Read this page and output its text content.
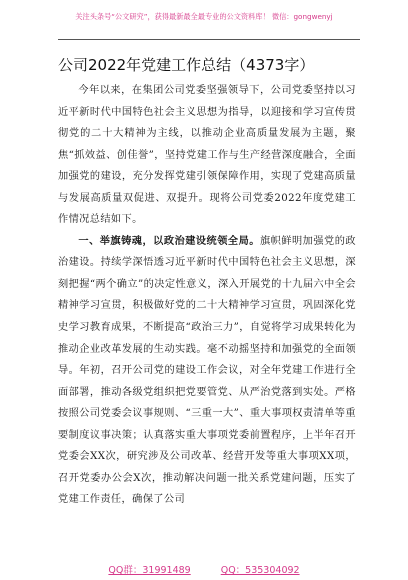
关注头条号“公文研究”，获得最新最全最专业的公文资料库！ 微信：gongwenyj
公司2022年党建工作总结（4373字）

今年以来，在集团公司党委坚强领导下，公司党委坚持以习近平新时代中国特色社会主义思想为指导，以迎接和学习宣传贯彻党的二十大精神为主线，以推动企业高质量发展为主题，聚焦“抓效益、创佳誉”，坚持党建工作与生产经营深度融合，全面加强党的建设，充分发挥党建引领保障作用，实现了党建高质量与发展高质量双促进、双提升。现将公司党委2022年度党建工作情况总结如下。

一、举旗铸魂，以政治建设统领全局。旗帜鲜明加强党的政治建设。持续学深悟透习近平新时代中国特色社会主义思想，深刻把握“两个确立”的决定性意义，深入开展党的十九届六中全会精神学习宣贯，积极做好党的二十大精神学习宣贯，巩固深化党史学习教育成果，不断提高“政治三力”，自觉将学习成果转化为推动企业改革发展的生动实践。毫不动摇坚持和加强党的全面领导。年初，召开公司党的建设工作会议，对全年党建工作进行全面部署，推动各级党组织把党要管党、从严治党落到实处。严格按照公司党委会议事规则、“三重一大”、重大事项权责清单等重要制度议事决策；认真落实重大事项党委前置程序，上半年召开党委会XX次，研究涉及公司改革、经营开发等重大事项XX项，召开党委办公会X次，推动解决问题一批关系党建问题，压实了党建工作责任，确保了公司

QQ群：31991489	QQ：535304092
